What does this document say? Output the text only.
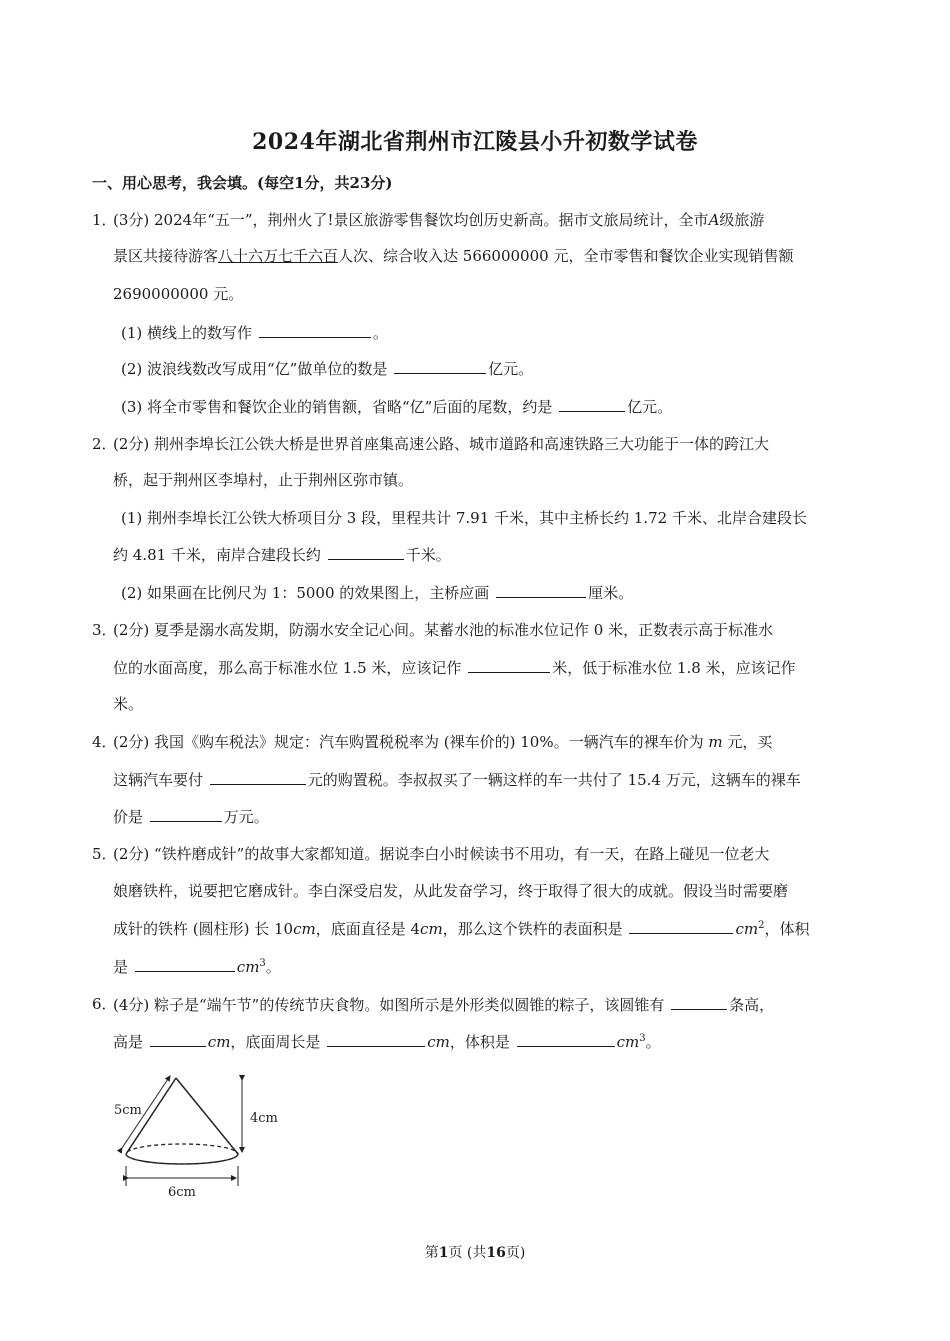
2024年湖北省荆州市江陵县小升初数学试卷
一、用心思考，我会填。(每空1分，共23分)
1．
(3分) 2024年“五一”，荆州火了!景区旅游零售餐饮均创历史新高。据市文旅局统计，全市A级旅游
景区共接待游客八十六万七千六百人次、综合收入达 566000000 元，全市零售和餐饮企业实现销售额
2690000000 元。
(1) 横线上的数写作	。
(2) 波浪线数改写成用“亿”做单位的数是	亿元。
(3) 将全市零售和餐饮企业的销售额，省略“亿”后面的尾数，约是	亿元。
2．
(2分) 荆州李埠长江公铁大桥是世界首座集高速公路、城市道路和高速铁路三大功能于一体的跨江大
桥，起于荆州区李埠村，止于荆州区弥市镇。
(1) 荆州李埠长江公铁大桥项目分 3 段，里程共计 7.91 千米，其中主桥长约 1.72 千米、北岸合建段长
约 4.81 千米，南岸合建段长约	千米。
(2) 如果画在比例尺为 1：5000 的效果图上，主桥应画	厘米。
3．
(2分) 夏季是溺水高发期，防溺水安全记心间。某蓄水池的标准水位记作 0 米，正数表示高于标准水
位的水面高度，那么高于标准水位 1.5 米，应该记作	米，低于标准水位 1.8 米，应该记作
米。
4．
(2分) 我国《购车税法》规定：汽车购置税税率为 (裸车价的) 10%。一辆汽车的裸车价为 m 元，买
这辆汽车要付	元的购置税。李叔叔买了一辆这样的车一共付了 15.4 万元，这辆车的裸车
价是	万元。
5．
(2分) “铁杵磨成针”的故事大家都知道。据说李白小时候读书不用功，有一天，在路上碰见一位老大
娘磨铁杵，说要把它磨成针。李白深受启发，从此发奋学习，终于取得了很大的成就。假设当时需要磨
成针的铁杵 (圆柱形) 长 10cm，底面直径是 4cm，那么这个铁杵的表面积是	$cm^2$，体积
是	$cm^3$。
6．
(4分) 粽子是“端午节”的传统节庆食物。如图所示是外形类似圆锥的粽子，该圆锥有	条高，
高是	cm，底面周长是	cm，体积是	$cm^3$。
5cm
4cm
6cm
第1页 (共16页)
